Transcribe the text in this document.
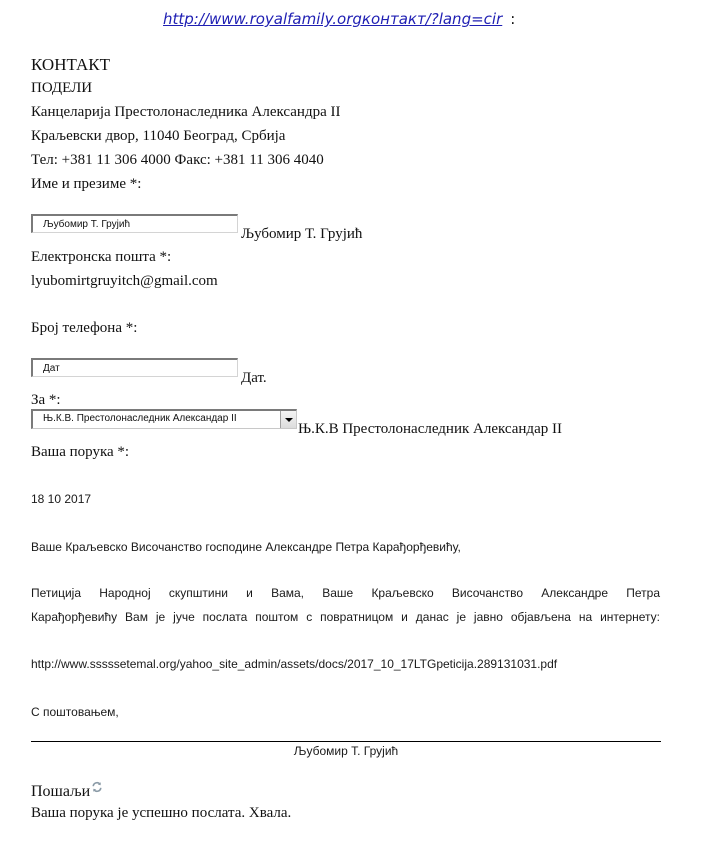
http://www.royalfamily.orgконтакт/?lang=cir :
КОНТАКТ
ПОДЕЛИ
Канцеларија Престолонаследника Александра II
Краљевски двор, 11040 Београд, Србија
Тел: +381 11 306 4000 Факс: +381 11 306 4040
Име и презиме *:
Љубомир Т. Грујић
Љубомир Т. Грујић
Електронска пошта *:
lyubomirtgruyitch@gmail.com
Број телефона *:
Дат
Дат.
За *:
Њ.К.В. Престолонаследник Александар II
Њ.К.В Престолонаследник Александар II
Ваша порука *:
18 10 2017
Ваше Краљевско Височанство господине Александре Петра Карађорђевићу,
Петиција Народној скупштини и Вама, Ваше Краљевско Височанство Александре Петра
Карађорђевићу Вам је јуче послата поштом с повратницом и данас је јавно објављена на интернету:
http://www.sssssetemal.org/yahoo_site_admin/assets/docs/2017_10_17LTGpeticija.289131031.pdf
С поштовањем,
Љубомир Т. Грујић
Пошаљи
Ваша порука је успешно послата. Хвала.
